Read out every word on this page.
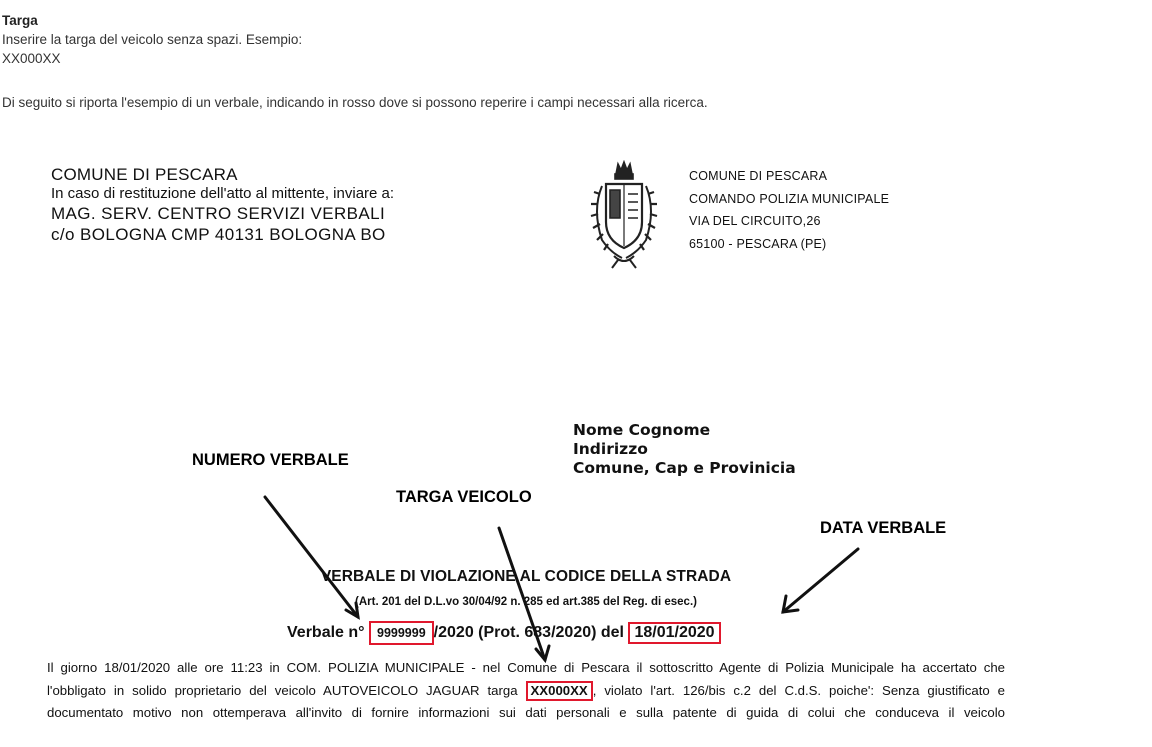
Targa
Inserire la targa del veicolo senza spazi. Esempio:
XX000XX
Di seguito si riporta l'esempio di un verbale, indicando in rosso dove si possono reperire i campi necessari alla ricerca.
COMUNE DI PESCARA
In caso di restituzione dell'atto al mittente, inviare a:
MAG. SERV. CENTRO SERVIZI VERBALI
c/o BOLOGNA CMP 40131 BOLOGNA BO
COMUNE DI PESCARA
COMANDO POLIZIA MUNICIPALE
VIA DEL CIRCUITO,26
65100 - PESCARA (PE)
Nome Cognome
Indirizzo
Comune, Cap e Provinicia
NUMERO VERBALE
TARGA VEICOLO
DATA VERBALE
VERBALE DI VIOLAZIONE AL CODICE DELLA STRADA
(Art. 201 del D.L.vo 30/04/92 n. 285 ed art.385 del Reg. di esec.)
Verbale n° 9999999 /2020 (Prot. 683/2020) del 18/01/2020
Il giorno 18/01/2020 alle ore 11:23 in COM. POLIZIA MUNICIPALE - nel Comune di Pescara il sottoscritto Agente di Polizia Municipale ha accertato che
l'obbligato in solido proprietario del veicolo AUTOVEICOLO JAGUAR targa XX000XX , violato l'art. 126/bis c.2 del C.d.S. poiche': Senza giustificato e
documentato motivo non ottemperava all'invito di fornire informazioni sui dati personali e sulla patente di guida di colui che conduceva il veicolo
